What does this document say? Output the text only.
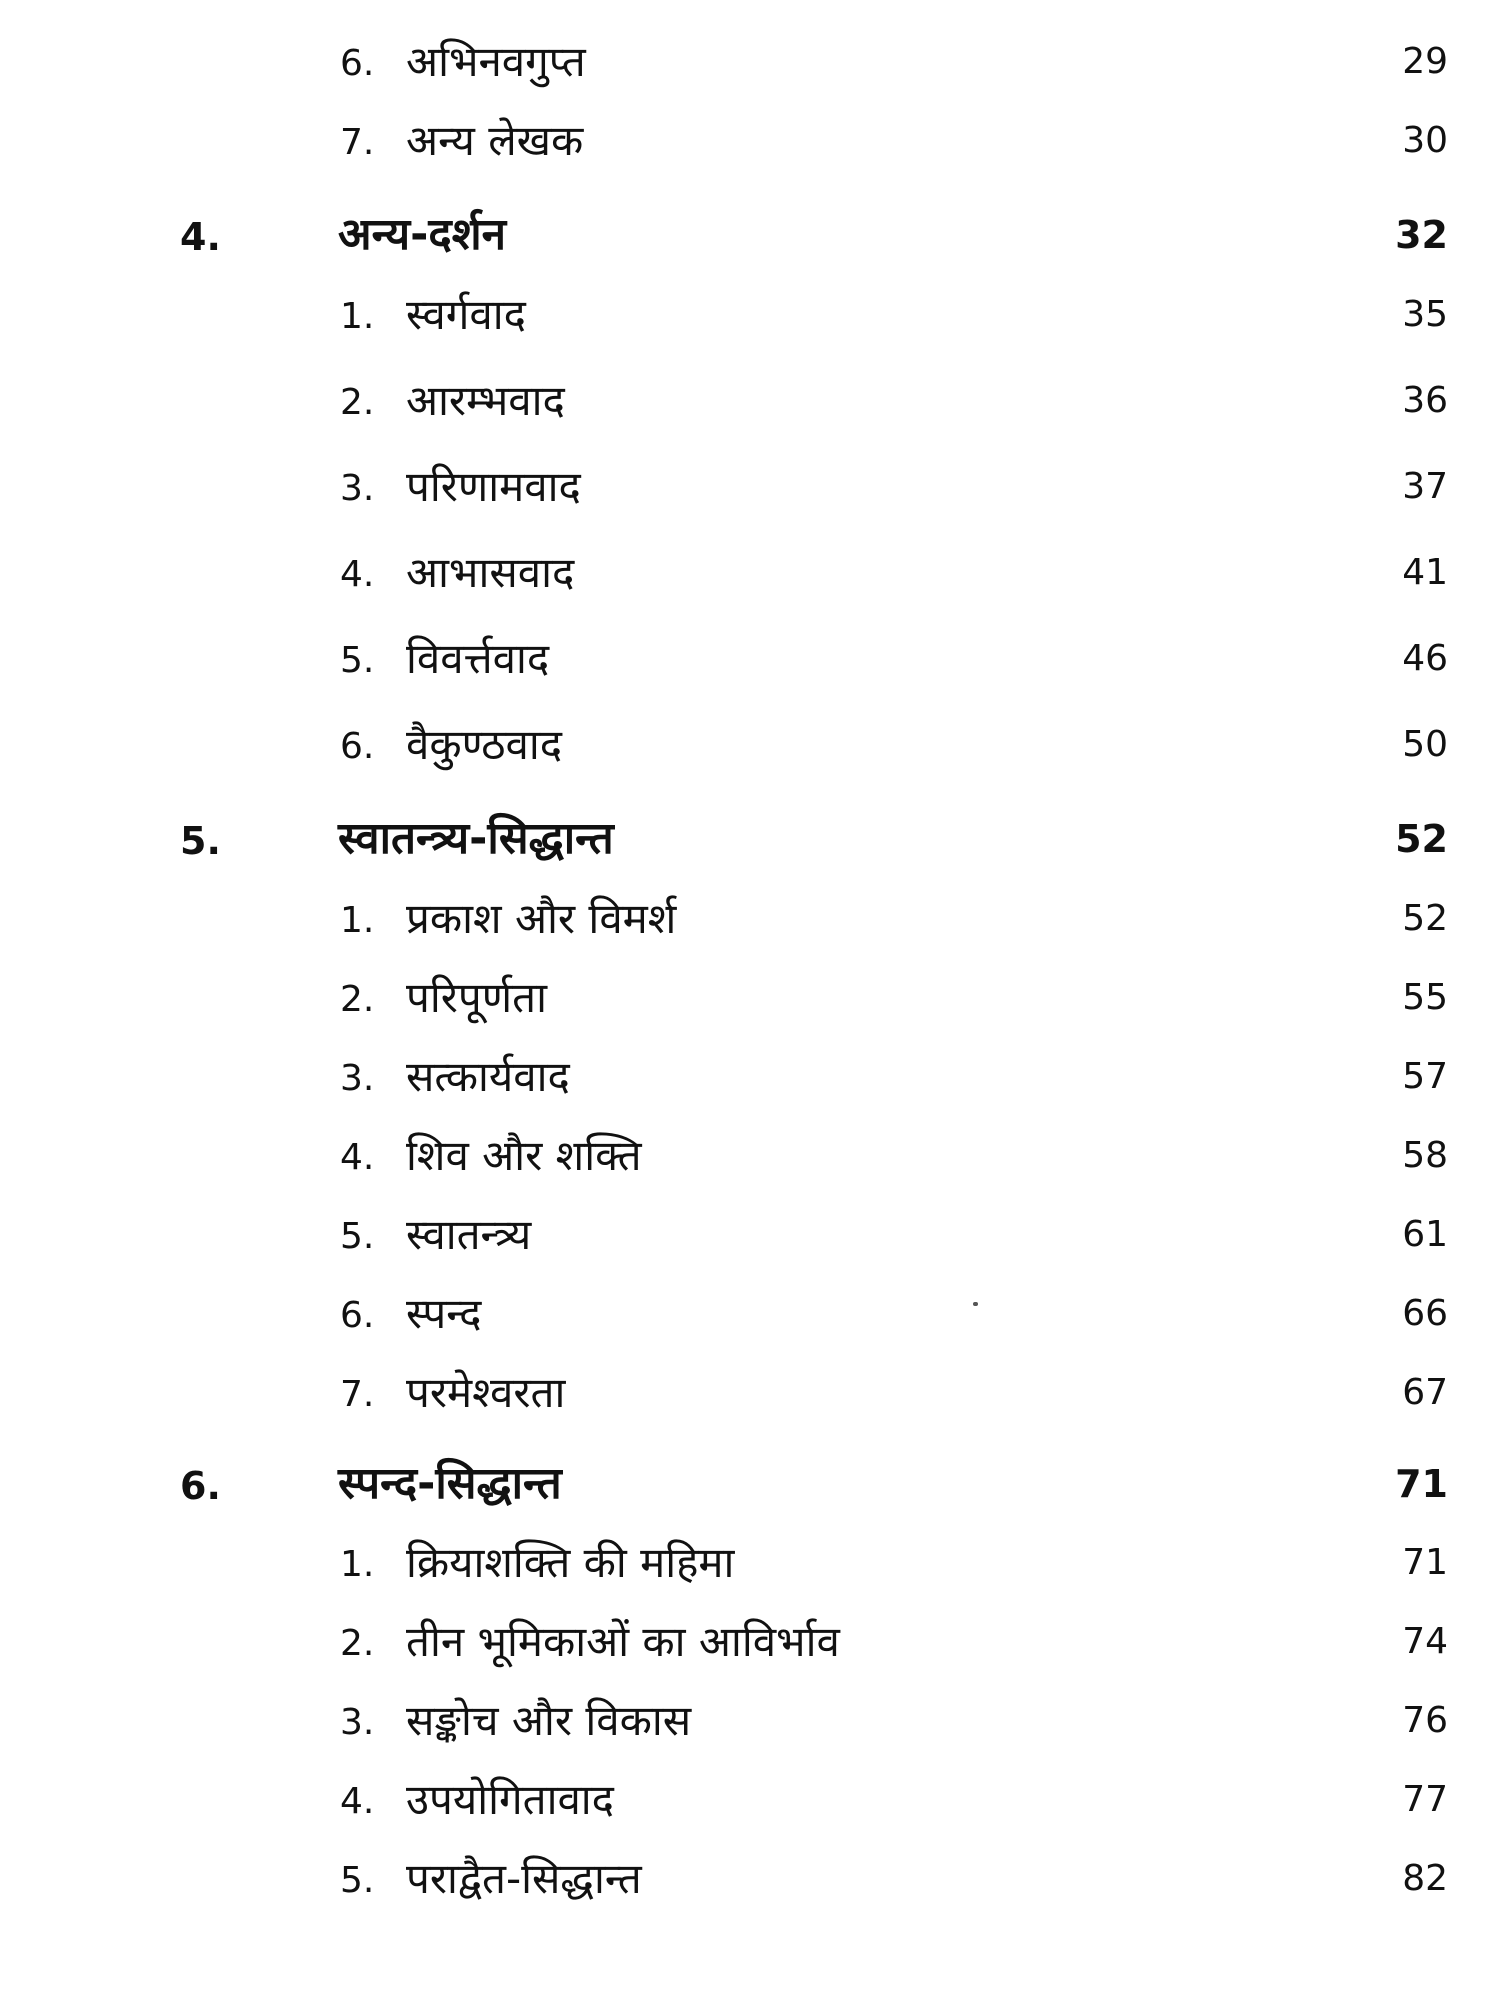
6. अभिनवगुप्त	29
7. अन्य लेखक	30
4.	अन्य-दर्शन	32
1. स्वर्गवाद	35
2. आरम्भवाद	36
3. परिणामवाद	37
4. आभासवाद	41
5. विवर्त्तवाद	46
6. वैकुण्ठवाद	50
5.	स्वातन्त्र्य-सिद्धान्त	52
1. प्रकाश और विमर्श	52
2. परिपूर्णता	55
3. सत्कार्यवाद	57
4. शिव और शक्ति	58
5. स्वातन्त्र्य	61
6. स्पन्द	66
7. परमेश्वरता	67
6.	स्पन्द-सिद्धान्त	71
1. क्रियाशक्ति की महिमा	71
2. तीन भूमिकाओं का आविर्भाव	74
3. सङ्कोच और विकास	76
4. उपयोगितावाद	77
5. पराद्वैत-सिद्धान्त	82
